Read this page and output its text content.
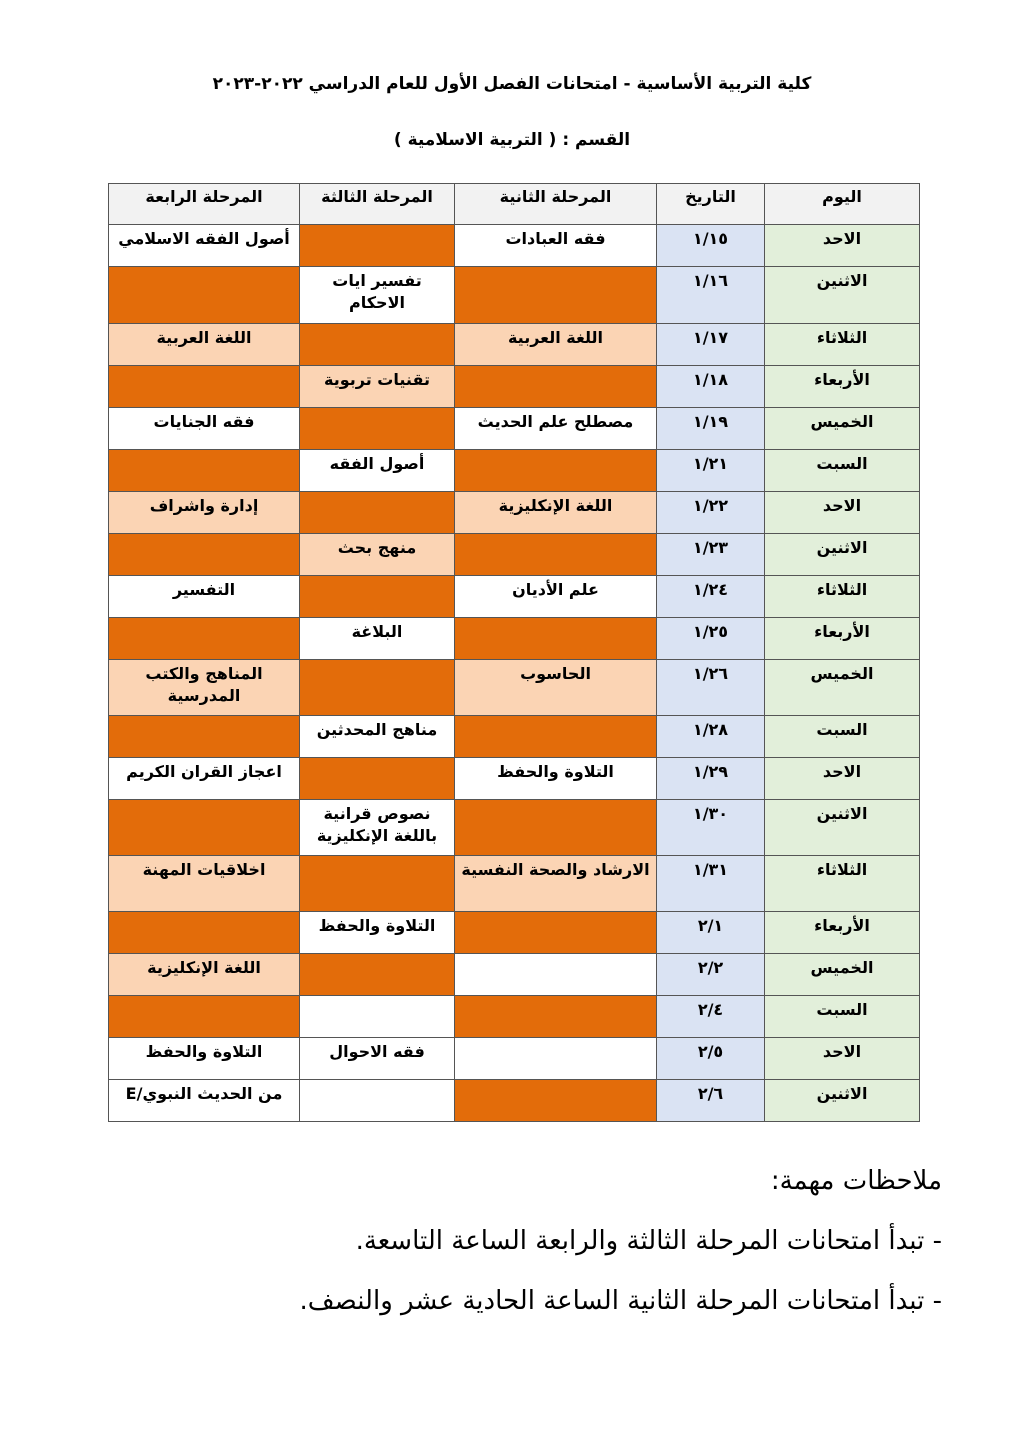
كلية التربية الأساسية - امتحانات الفصل الأول للعام الدراسي ٢٠٢٢-٢٠٢٣
القسم : ( التربية الاسلامية )
اليوم	التاريخ	المرحلة الثانية	المرحلة الثالثة	المرحلة الرابعة
الاحد	١/١٥	فقه العبادات		أصول الفقه الاسلامي
الاثنين	١/١٦		تفسير ايات الاحكام	
الثلاثاء	١/١٧	اللغة العربية		اللغة العربية
الأربعاء	١/١٨		تقنيات تربوية	
الخميس	١/١٩	مصطلح علم الحديث		فقه الجنايات
السبت	١/٢١		أصول الفقه	
الاحد	١/٢٢	اللغة الإنكليزية		إدارة واشراف
الاثنين	١/٢٣		منهج بحث	
الثلاثاء	١/٢٤	علم الأديان		التفسير
الأربعاء	١/٢٥		البلاغة	
الخميس	١/٢٦	الحاسوب		المناهج والكتب المدرسية
السبت	١/٢٨		مناهج المحدثين	
الاحد	١/٢٩	التلاوة والحفظ		اعجاز القران الكريم
الاثنين	١/٣٠		نصوص قرانية باللغة الإنكليزية	
الثلاثاء	١/٣١	الارشاد والصحة النفسية		اخلاقيات المهنة
الأربعاء	٢/١		التلاوة والحفظ	
الخميس	٢/٢			اللغة الإنكليزية
السبت	٢/٤			
الاحد	٢/٥		فقه الاحوال	التلاوة والحفظ
الاثنين	٢/٦			من الحديث النبوي/E
ملاحظات مهمة:
- تبدأ امتحانات المرحلة الثالثة والرابعة الساعة التاسعة.
- تبدأ امتحانات المرحلة الثانية الساعة الحادية عشر والنصف.
